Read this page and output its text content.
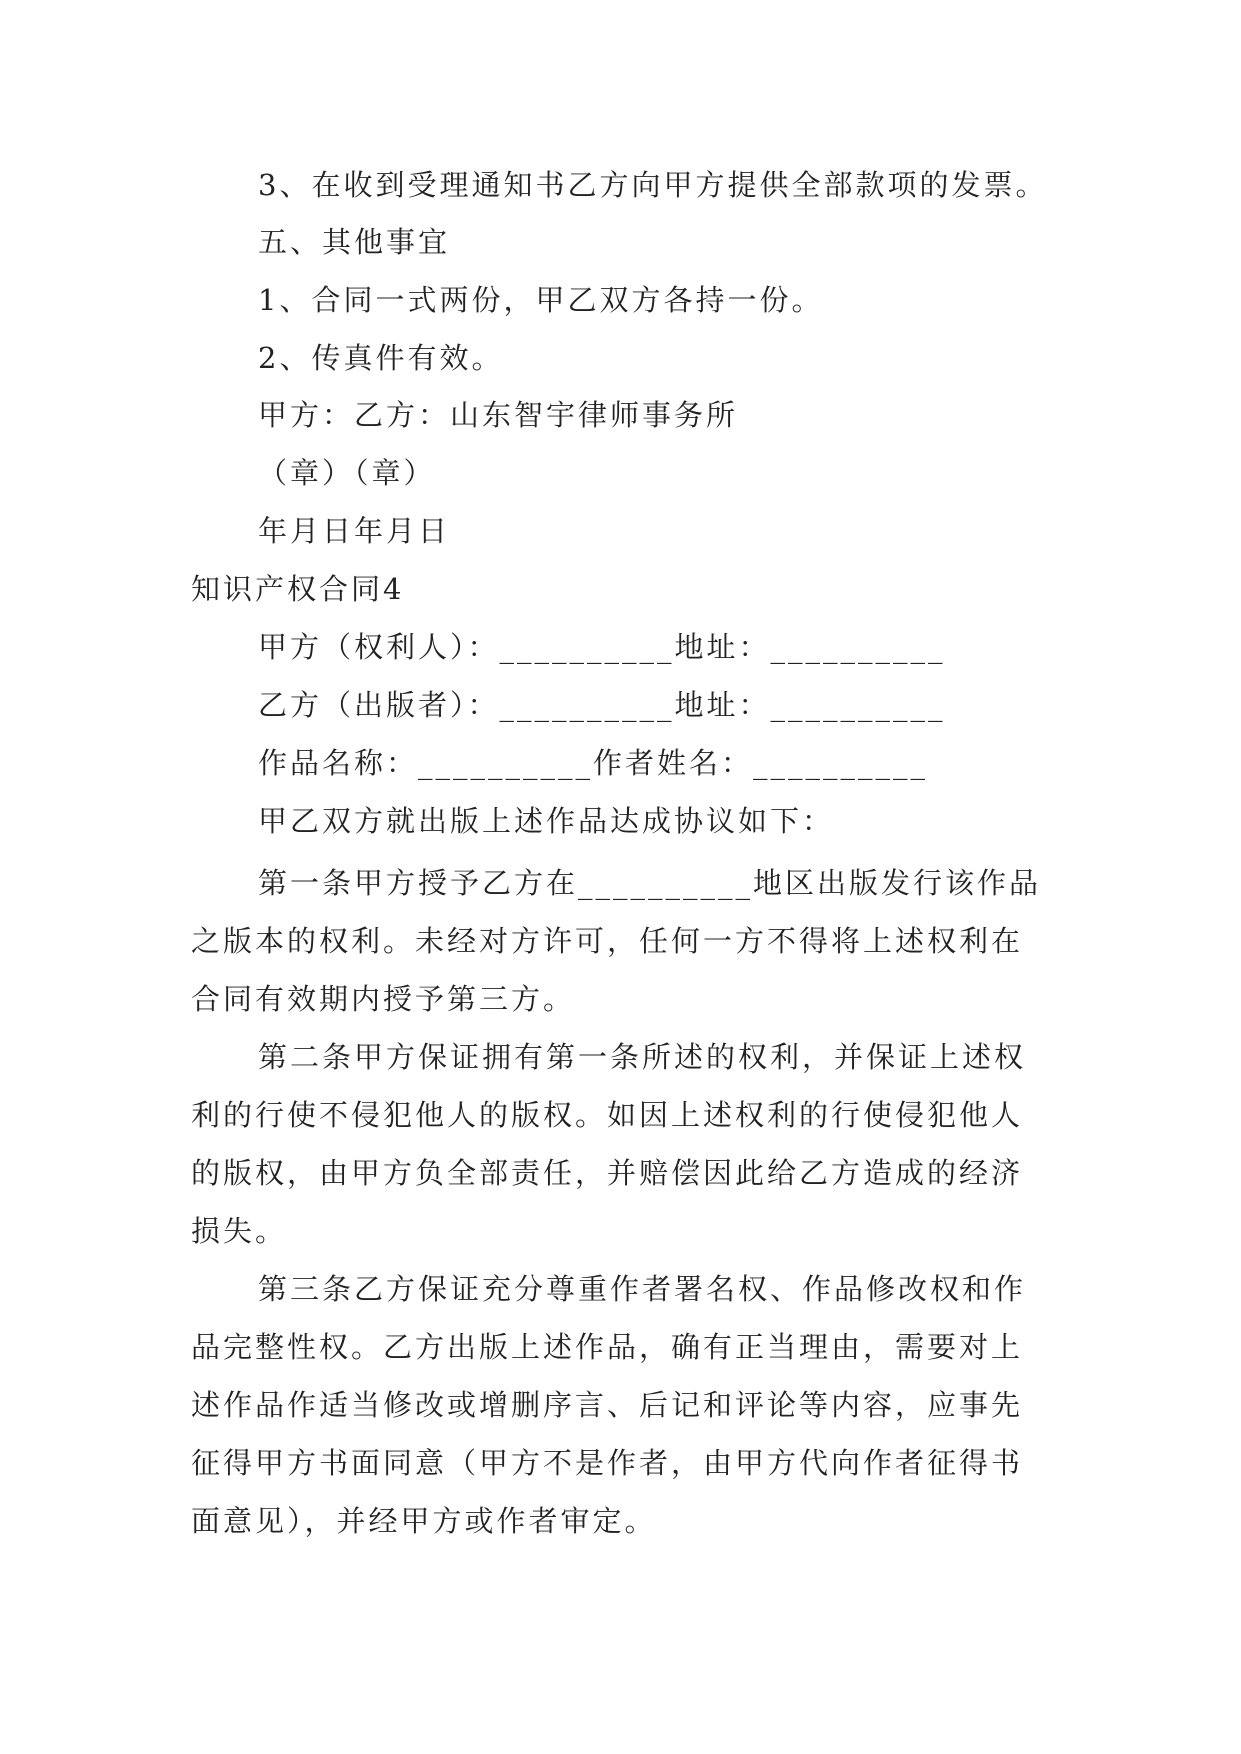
3、在收到受理通知书乙方向甲方提供全部款项的发票。
五、其他事宜
1、合同一式两份，甲乙双方各持一份。
2、传真件有效。
甲方：乙方：山东智宇律师事务所
（章）（章）
年月日年月日
知识产权合同4
甲方（权利人）：__________地址：__________
乙方（出版者）：__________地址：__________
作品名称：__________作者姓名：__________
甲乙双方就出版上述作品达成协议如下：
第一条甲方授予乙方在__________地区出版发行该作品
之版本的权利。未经对方许可，任何一方不得将上述权利在
合同有效期内授予第三方。
第二条甲方保证拥有第一条所述的权利，并保证上述权
利的行使不侵犯他人的版权。如因上述权利的行使侵犯他人
的版权，由甲方负全部责任，并赔偿因此给乙方造成的经济
损失。
第三条乙方保证充分尊重作者署名权、作品修改权和作
品完整性权。乙方出版上述作品，确有正当理由，需要对上
述作品作适当修改或增删序言、后记和评论等内容，应事先
征得甲方书面同意（甲方不是作者，由甲方代向作者征得书
面意见），并经甲方或作者审定。
